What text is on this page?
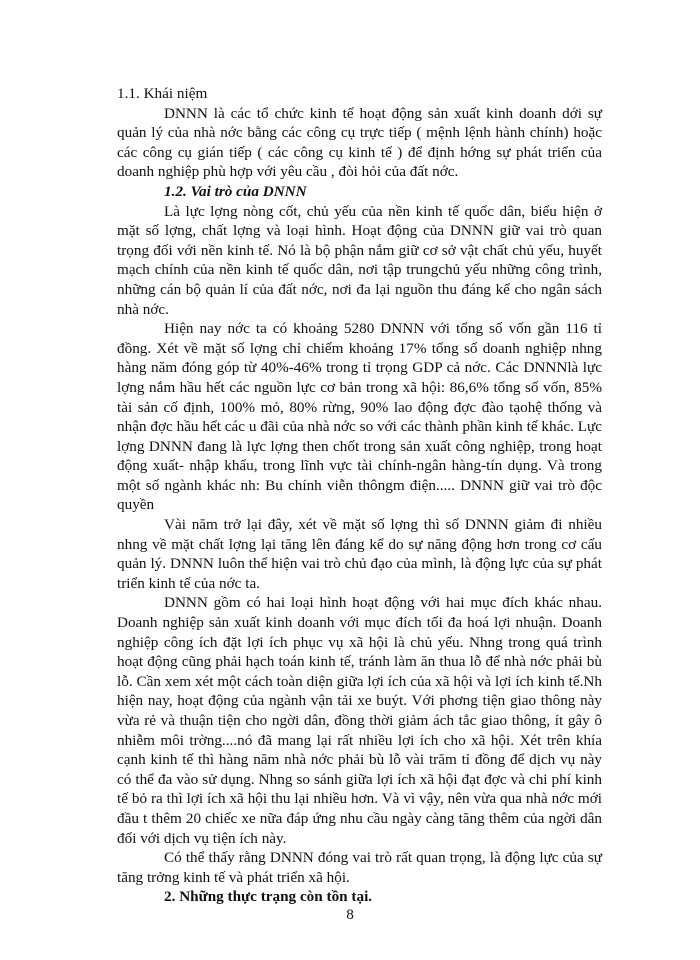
1.1. Khái niệm

DNNN là các tổ chức kinh tế hoạt động sản xuất kinh doanh dới sự quản lý của nhà nớc bằng các công cụ trực tiếp ( mệnh lệnh hành chính) hoặc các công cụ gián tiếp ( các công cụ kinh tế ) để định hớng sự phát triển của doanh nghiệp phù hợp với yêu cầu , đòi hỏi của đất nớc.

1.2. Vai trò của DNNN

Là lực lợng nòng cốt, chủ yếu của nền kinh tế quốc dân, biểu hiện ở mặt số lợng, chất lợng và loại hình. Hoạt động của DNNN giữ vai trò quan trọng đối với nền kinh tế. Nó là bộ phận nắm giữ cơ sở vật chất chủ yếu, huyết mạch chính của nền kinh tế quốc dân, nơi tập trungchủ yếu những công trình, những cán bộ quản lí của đất nớc, nơi đa lại nguồn thu đáng kể cho ngân sách nhà nớc.

Hiện nay nớc ta có khoảng 5280 DNNN với tổng số vốn gần 116 tỉ đồng. Xét về mặt số lợng chỉ chiếm khoảng 17% tổng số doanh nghiệp nhng hàng năm đóng góp từ 40%-46% trong tỉ trọng GDP cả nớc. Các DNNNlà lực lợng nắm hầu hết các nguồn lực cơ bản trong xã hội: 86,6% tổng số vốn, 85% tài sản cố định, 100% mỏ, 80% rừng, 90% lao động đợc đào tạohệ thống và nhận đợc hầu hết các u đãi của nhà nớc so với các thành phần kinh tế khác. Lực lợng DNNN đang là lực lợng then chốt trong sản xuất công nghiệp, trong hoạt động xuất- nhập khẩu, trong lĩnh vực tài chính-ngân hàng-tín dụng. Và trong một số ngành khác nh: Bu chính viễn thôngm điện..... DNNN giữ vai trò độc quyền

Vài năm trở lại đây, xét về mặt số lợng thì số DNNN giảm đi nhiều nhng về mặt chất lợng lại tăng lên đáng kể do sự năng động hơn trong cơ cấu quản lý. DNNN luôn thể hiện vai trò chủ đạo của mình, là động lực của sự phát triển kinh tế của nớc ta.

DNNN gồm có hai loại hình hoạt động với hai mục đích khác nhau. Doanh nghiệp sản xuất kinh doanh với mục đích tối đa hoá lợi nhuận. Doanh nghiệp công ích đặt lợi ích phục vụ xã hội là chủ yếu. Nhng trong quá trình hoạt động cũng phải hạch toán kinh tế, tránh làm ăn thua lỗ để nhà nớc phải bù lỗ. Cần xem xét một cách toàn diện giữa lợi ích của xã hội và lợi ích kinh tế.Nh hiện nay, hoạt động của ngành vận tải xe buýt. Với phơng tiện giao thông này vừa rẻ và thuận tiện cho ngời dân, đồng thời giảm ách tắc giao thông, ít gây ô nhiễm môi trờng....nó đã mang lại rất nhiều lợi ích cho xã hội. Xét trên khía cạnh kinh tế thì hàng năm nhà nớc phải bù lỗ vài trăm tỉ đồng để dịch vụ này có thể đa vào sử dụng. Nhng so sánh giữa lợi ích xã hội đạt đợc và chi phí kinh tế bỏ ra thì lợi ích xã hội thu lại nhiều hơn. Và vì vậy, nên vừa qua nhà nớc mới đầu t thêm 20 chiếc xe nữa đáp ứng nhu cầu ngày càng tăng thêm của ngời dân đối với dịch vụ tiện ích này.

Có thể thấy rằng DNNN đóng vai trò rất quan trọng, là động lực của sự tăng trởng kinh tế và phát triển xã hội.

2. Những thực trạng còn tồn tại.
8
